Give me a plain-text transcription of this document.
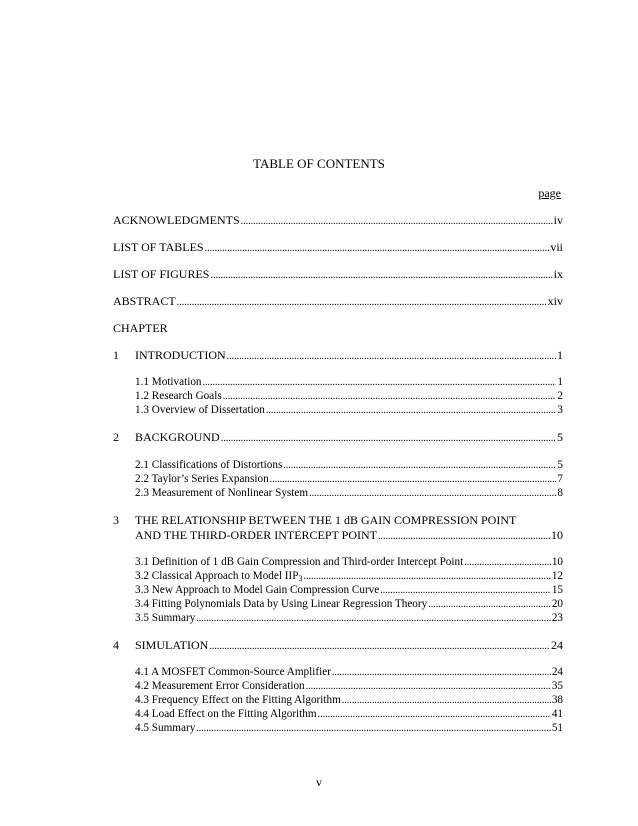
TABLE OF CONTENTS
page
ACKNOWLEDGMENTS .....	iv
LIST OF TABLES .....	vii
LIST OF FIGURES .....	ix
ABSTRACT .....	xiv
CHAPTER
1	INTRODUCTION .....	1
1.1 Motivation .....	1
1.2 Research Goals .....	2
1.3 Overview of Dissertation .....	3
2	BACKGROUND .....	5
2.1 Classifications of Distortions .....	5
2.2 Taylor’s Series Expansion .....	7
2.3 Measurement of Nonlinear System .....	8
3 THE RELATIONSHIP BETWEEN THE 1 dB GAIN COMPRESSION POINT
AND THE THIRD-ORDER INTERCEPT POINT .....	10
3.1 Definition of 1 dB Gain Compression and Third-order Intercept Point .....	10
3.2 Classical Approach to Model $IIP_3$ .....	12
3.3 New Approach to Model Gain Compression Curve .....	15
3.4 Fitting Polynomials Data by Using Linear Regression Theory .....	20
3.5 Summary .....	23
4	SIMULATION .....	24
4.1 A MOSFET Common-Source Amplifier .....	24
4.2 Measurement Error Consideration .....	35
4.3 Frequency Effect on the Fitting Algorithm .....	38
4.4 Load Effect on the Fitting Algorithm .....	41
4.5 Summary .....	51
v
